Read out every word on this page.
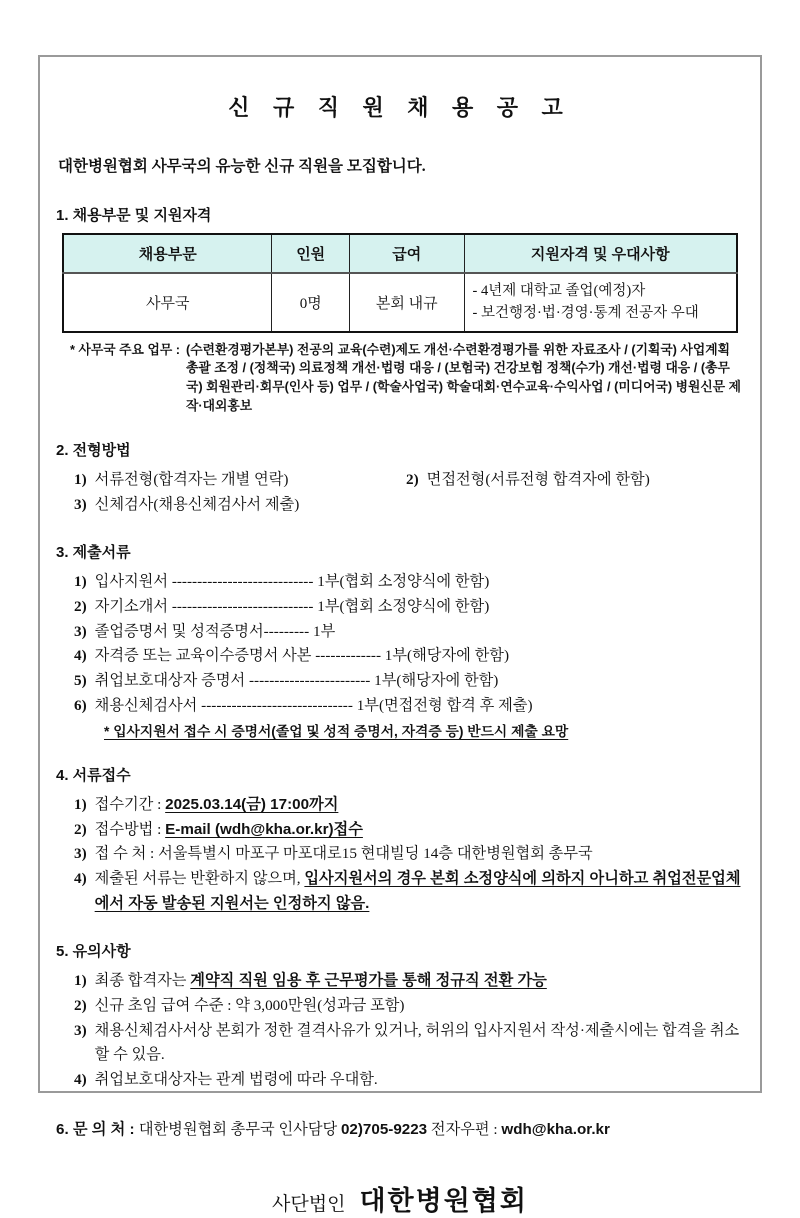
신 규 직 원 채 용 공 고

대한병원협회 사무국의 유능한 신규 직원을 모집합니다.

1. 채용부문 및 지원자격
채용부문	인원	급여	지원자격 및 우대사항
사무국	0명	본회 내규	- 4년제 대학교 졸업(예정)자
- 보건행정·법·경영·통계 전공자 우대
* 사무국 주요 업무 : (수련환경평가본부) 전공의 교육(수련)제도 개선·수련환경평가를 위한 자료조사 / (기획국) 사업계획 총괄 조정 / (정책국) 의료정책 개선·법령 대응 / (보험국) 건강보험 정책(수가) 개선·법령 대응 / (총무국) 회원관리·회무(인사 등) 업무 / (학술사업국) 학술대회·연수교육·수익사업 / (미디어국) 병원신문 제작·대외홍보
2. 전형방법
1) 서류전형(합격자는 개별 연락)	2) 면접전형(서류전형 합격자에 한함)
3) 신체검사(채용신체검사서 제출)
3. 제출서류
1) 입사지원서 ---------------------------- 1부(협회 소정양식에 한함)
2) 자기소개서 ---------------------------- 1부(협회 소정양식에 한함)
3) 졸업증명서 및 성적증명서--------- 1부
4) 자격증 또는 교육이수증명서 사본 ------------- 1부(해당자에 한함)
5) 취업보호대상자 증명서 ------------------------ 1부(해당자에 한함)
6) 채용신체검사서 ------------------------------ 1부(면접전형 합격 후 제출)
* 입사지원서 접수 시 증명서(졸업 및 성적 증명서, 자격증 등) 반드시 제출 요망
4. 서류접수
1) 접수기간 : 2025.03.14(금) 17:00까지
2) 접수방법 : E-mail (wdh@kha.or.kr)접수
3) 접 수 처 : 서울특별시 마포구 마포대로15 현대빌딩 14층 대한병원협회 총무국
4) 제출된 서류는 반환하지 않으며, 입사지원서의 경우 본회 소정양식에 의하지 아니하고 취업전문업체에서 자동 발송된 지원서는 인정하지 않음.
5. 유의사항
1) 최종 합격자는 계약직 직원 임용 후 근무평가를 통해 정규직 전환 가능
2) 신규 초임 급여 수준 : 약 3,000만원(성과금 포함)
3) 채용신체검사서상 본회가 정한 결격사유가 있거나, 허위의 입사지원서 작성·제출시에는 합격을 취소할 수 있음.
4) 취업보호대상자는 관계 법령에 따라 우대함.
6. 문 의 처 : 대한병원협회 총무국 인사담당 02)705-9223 전자우편 : wdh@kha.or.kr
사단법인 대한병원협회
